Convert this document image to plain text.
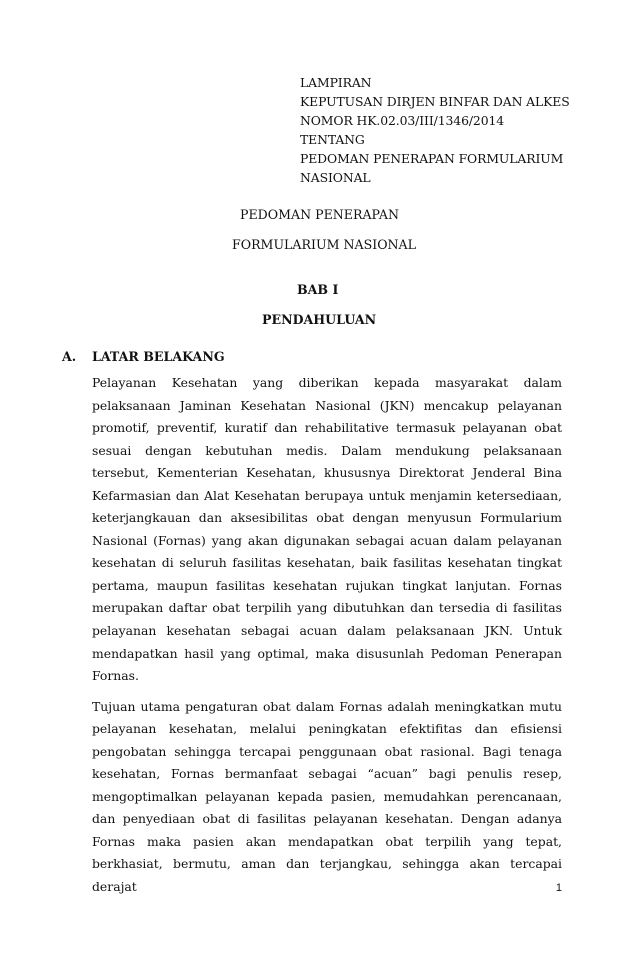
LAMPIRAN
KEPUTUSAN DIRJEN BINFAR DAN ALKES
NOMOR HK.02.03/III/1346/2014
TENTANG
PEDOMAN PENERAPAN FORMULARIUM
NASIONAL
PEDOMAN PENERAPAN
FORMULARIUM NASIONAL
BAB I
PENDAHULUAN
A. LATAR BELAKANG

Pelayanan Kesehatan yang diberikan kepada masyarakat dalam pelaksanaan Jaminan Kesehatan Nasional (JKN) mencakup pelayanan promotif, preventif, kuratif dan rehabilitative termasuk pelayanan obat sesuai dengan kebutuhan medis. Dalam mendukung pelaksanaan tersebut, Kementerian Kesehatan, khususnya Direktorat Jenderal Bina Kefarmasian dan Alat Kesehatan berupaya untuk menjamin ketersediaan, keterjangkauan dan aksesibilitas obat dengan menyusun Formularium Nasional (Fornas) yang akan digunakan sebagai acuan dalam pelayanan kesehatan di seluruh fasilitas kesehatan, baik fasilitas kesehatan tingkat pertama, maupun fasilitas kesehatan rujukan tingkat lanjutan. Fornas merupakan daftar obat terpilih yang dibutuhkan dan tersedia di fasilitas pelayanan kesehatan sebagai acuan dalam pelaksanaan JKN. Untuk mendapatkan hasil yang optimal, maka disusunlah Pedoman Penerapan Fornas.

Tujuan utama pengaturan obat dalam Fornas adalah meningkatkan mutu pelayanan kesehatan, melalui peningkatan efektifitas dan efisiensi pengobatan sehingga tercapai penggunaan obat rasional. Bagi tenaga kesehatan, Fornas bermanfaat sebagai “acuan” bagi penulis resep, mengoptimalkan pelayanan kepada pasien, memudahkan perencanaan, dan penyediaan obat di fasilitas pelayanan kesehatan. Dengan adanya Fornas maka pasien akan mendapatkan obat terpilih yang tepat, berkhasiat, bermutu, aman dan terjangkau, sehingga akan tercapai derajat	1
